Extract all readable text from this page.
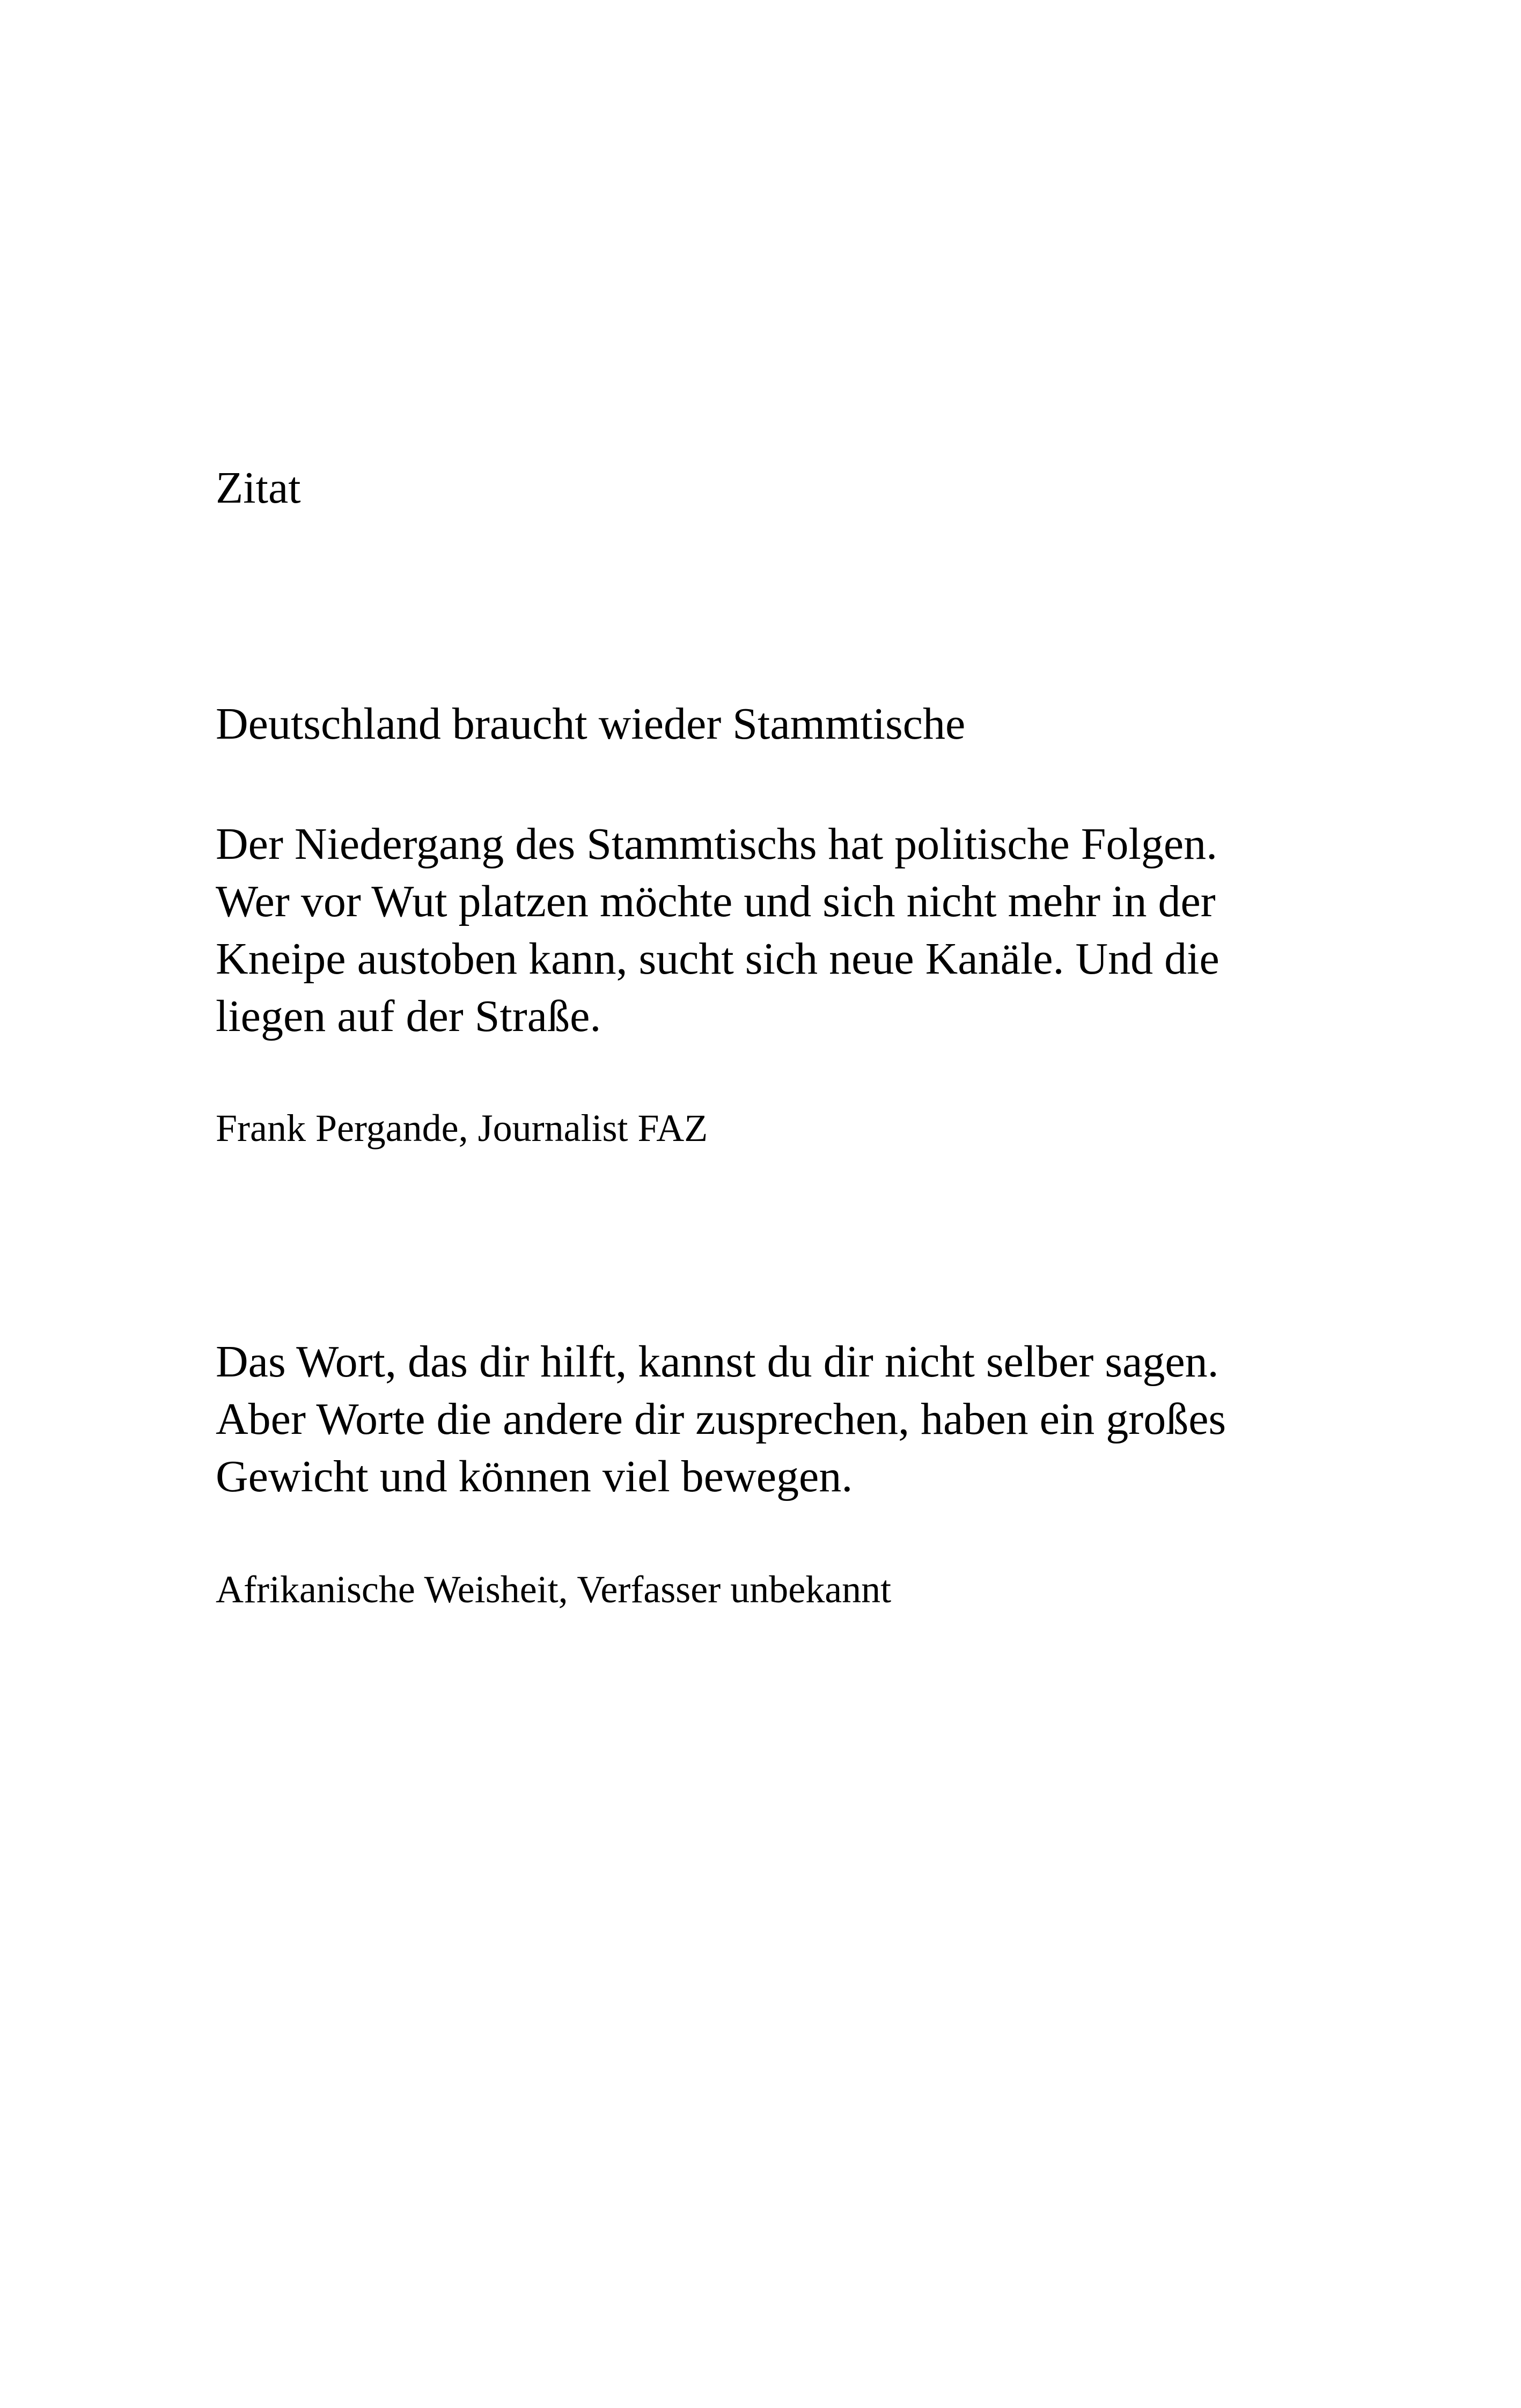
Zitat
Deutschland braucht wieder Stammtische

Der Niedergang des Stammtischs hat politische Folgen.
Wer vor Wut platzen möchte und sich nicht mehr in der
Kneipe austoben kann, sucht sich neue Kanäle. Und die
liegen auf der Straße.

Frank Pergande, Journalist FAZ

Das Wort, das dir hilft, kannst du dir nicht selber sagen.
Aber Worte die andere dir zusprechen, haben ein großes
Gewicht und können viel bewegen.

Afrikanische Weisheit, Verfasser unbekannt
